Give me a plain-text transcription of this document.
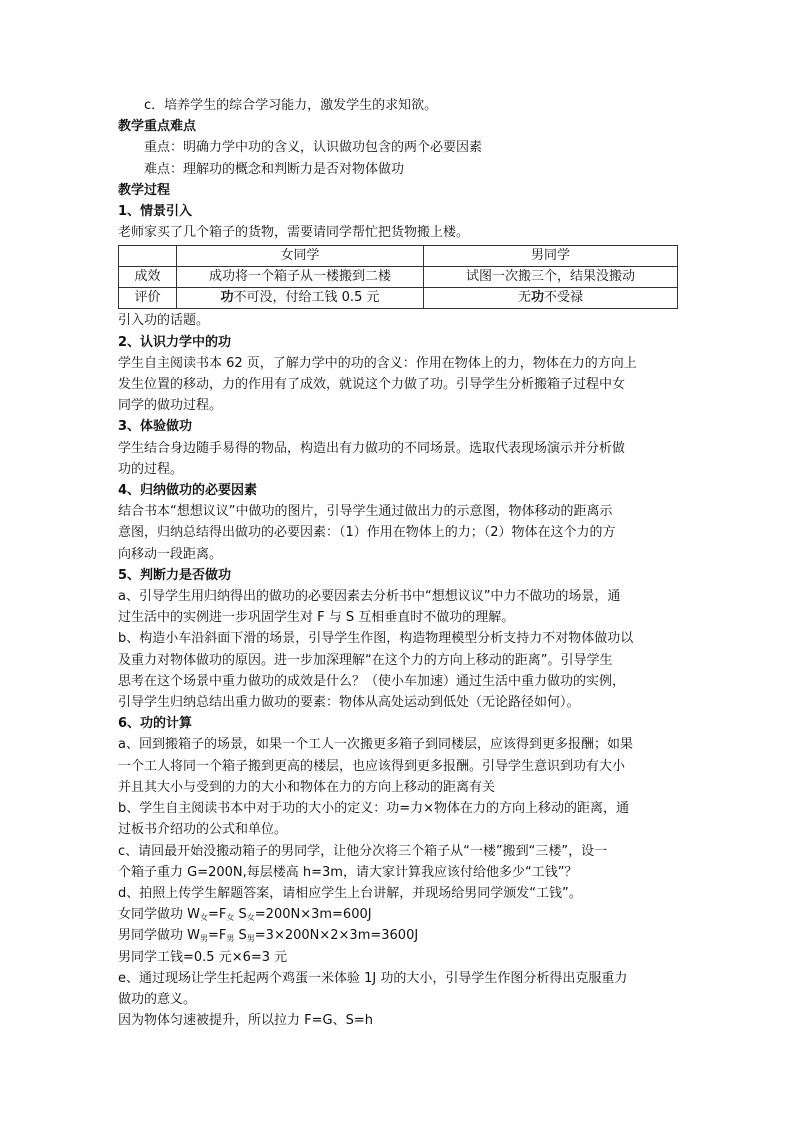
c．培养学生的综合学习能力，激发学生的求知欲。

教学重点难点

重点：明确力学中功的含义，认识做功包含的两个必要因素

难点：理解功的概念和判断力是否对物体做功

教学过程

1、情景引入

老师家买了几个箱子的货物，需要请同学帮忙把货物搬上楼。

	女同学	男同学
成效	成功将一个箱子从一楼搬到二楼	试图一次搬三个，结果没搬动
评价	功不可没，付给工钱 0.5 元	无功不受禄

引入功的话题。

2、认识力学中的功

学生自主阅读书本 62 页，了解力学中的功的含义：作用在物体上的力，物体在力的方向上

发生位置的移动，力的作用有了成效，就说这个力做了功。引导学生分析搬箱子过程中女

同学的做功过程。

3、体验做功

学生结合身边随手易得的物品，构造出有力做功的不同场景。选取代表现场演示并分析做

功的过程。

4、归纳做功的必要因素

结合书本“想想议议”中做功的图片，引导学生通过做出力的示意图，物体移动的距离示

意图，归纳总结得出做功的必要因素：（1）作用在物体上的力；（2）物体在这个力的方

向移动一段距离。

5、判断力是否做功

a、引导学生用归纳得出的做功的必要因素去分析书中“想想议议”中力不做功的场景，通

过生活中的实例进一步巩固学生对 F 与 S 互相垂直时不做功的理解。

b、构造小车沿斜面下滑的场景，引导学生作图，构造物理模型分析支持力不对物体做功以

及重力对物体做功的原因。进一步加深理解“在这个力的方向上移动的距离”。引导学生

思考在这个场景中重力做功的成效是什么？（使小车加速）通过生活中重力做功的实例，

引导学生归纳总结出重力做功的要素：物体从高处运动到低处（无论路径如何）。

6、功的计算

a、回到搬箱子的场景，如果一个工人一次搬更多箱子到同楼层，应该得到更多报酬；如果

一个工人将同一个箱子搬到更高的楼层，也应该得到更多报酬。引导学生意识到功有大小

并且其大小与受到的力的大小和物体在力的方向上移动的距离有关

b、学生自主阅读书本中对于功的大小的定义：功=力×物体在力的方向上移动的距离，通

过板书介绍功的公式和单位。

c、请回最开始没搬动箱子的男同学，让他分次将三个箱子从“一楼”搬到“三楼”，设一

个箱子重力 G=200N,每层楼高 h=3m，请大家计算我应该付给他多少“工钱”？

d、拍照上传学生解题答案，请相应学生上台讲解，并现场给男同学颁发“工钱”。

女同学做功 $W_女=F_女$ $S_女=200N\times 3m=600J$

男同学做功 $W_男=F_男$ $S_男=3\times 200N\times 2\times 3m=3600J$

男同学工钱=0.5 元×6=3 元

e、通过现场让学生托起两个鸡蛋一米体验 1J 功的大小，引导学生作图分析得出克服重力

做功的意义。

因为物体匀速被提升，所以拉力 F=G、S=h
